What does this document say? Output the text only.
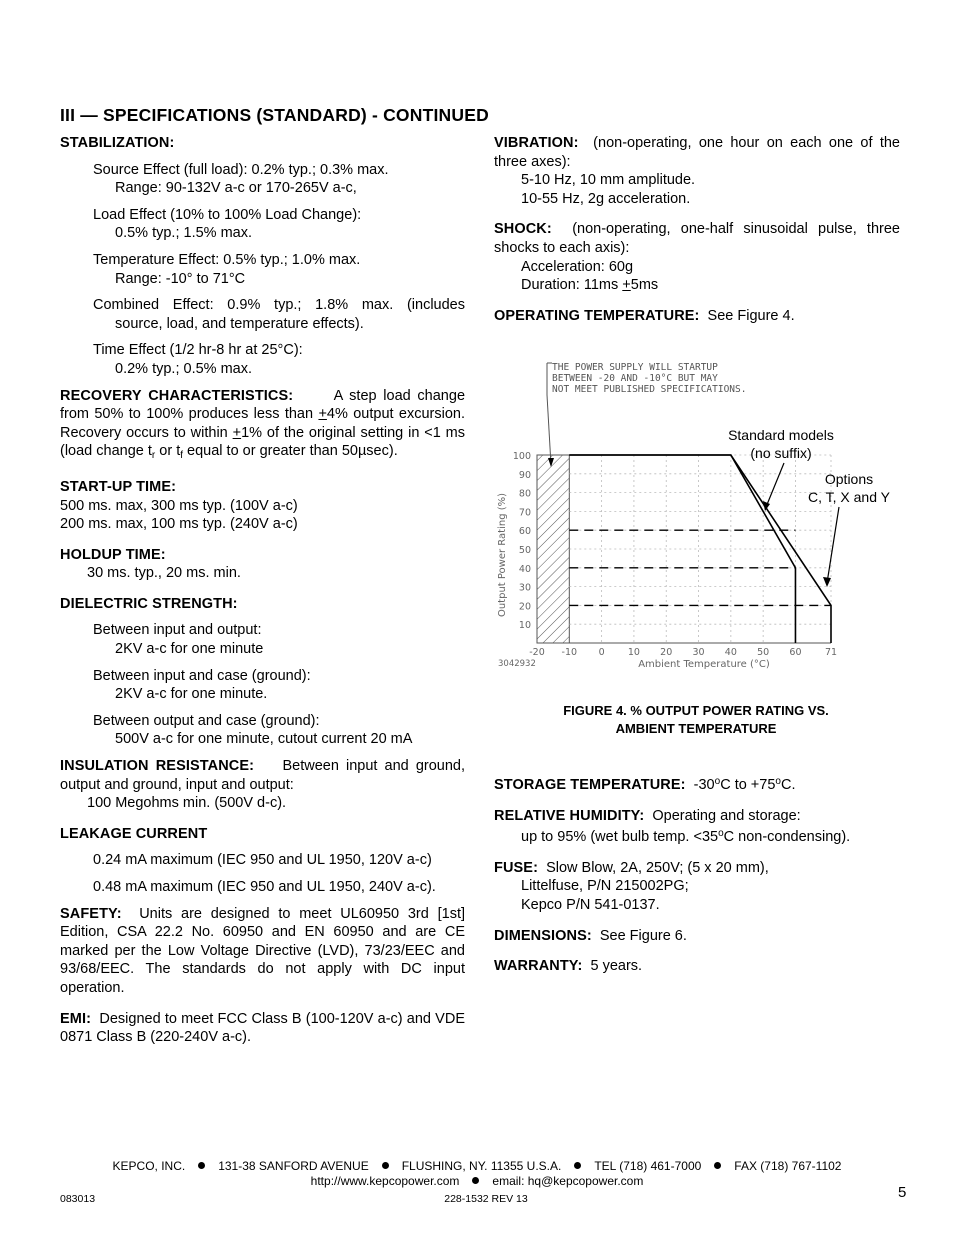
III — SPECIFICATIONS (STANDARD) - CONTINUED
STABILIZATION:
Source Effect (full load): 0.2% typ.; 0.3% max.
Range: 90-132V a-c or 170-265V a-c,
Load Effect (10% to 100% Load Change):
0.5% typ.; 1.5% max.
Temperature Effect: 0.5% typ.; 1.0% max.
Range: -10° to 71°C
Combined Effect: 0.9% typ.; 1.8% max. (includes
source, load, and temperature effects).
Time Effect (1/2 hr-8 hr at 25°C):
0.2% typ.; 0.5% max.
RECOVERY CHARACTERISTICS:	A step load change from 50% to 100% produces less than +4% output excursion. Recovery occurs to within +1% of the original setting in <1 ms (load change $t_r$ or $t_f$ equal to or greater than 50µsec).
START-UP TIME:
500 ms. max, 300 ms typ. (100V a-c)
200 ms. max, 100 ms typ. (240V a-c)
HOLDUP TIME:
30 ms. typ., 20 ms. min.
DIELECTRIC STRENGTH:
Between input and output:
2KV a-c for one minute
Between input and case (ground):
2KV a-c for one minute.
Between output and case (ground):
500V a-c for one minute, cutout current 20 mA
INSULATION RESISTANCE: Between input and ground, output and ground, input and output:
100 Megohms min. (500V d-c).
LEAKAGE CURRENT
0.24 mA maximum (IEC 950 and UL 1950, 120V a-c)
0.48 mA maximum (IEC 950 and UL 1950, 240V a-c).
SAFETY: Units are designed to meet UL60950 3rd [1st] Edition, CSA 22.2 No. 60950 and EN 60950 and are CE marked per the Low Voltage Directive (LVD), 73/23/EEC and 93/68/EEC. The standards do not apply with DC input operation.
EMI: Designed to meet FCC Class B (100-120V a-c) and VDE 0871 Class B (220-240V a-c).
VIBRATION: (non-operating, one hour on each one of the three axes):
5-10 Hz, 10 mm amplitude.
10-55 Hz, 2g acceleration.
SHOCK: (non-operating, one-half sinusoidal pulse, three shocks to each axis):
Acceleration: 60g
Duration: 11ms +5ms
OPERATING TEMPERATURE: See Figure 4.
10
20
30
40
50
60
70
80
90
100
-20 -10 0 10 20 30 40 50 60 71
THE POWER SUPPLY WILL STARTUP
BETWEEN -20 AND -10°C BUT MAY
NOT MEET PUBLISHED SPECIFICATIONS.
Standard models
(no suffix)
Options
C, T, X and Y
Output Power Rating (%)
Ambient Temperature (°C)
3042932
FIGURE 4. % OUTPUT POWER RATING VS.
AMBIENT TEMPERATURE
STORAGE TEMPERATURE: -30$^o$C to $+75^oC$.
RELATIVE HUMIDITY: Operating and storage:
up to 95% (wet bulb temp. $<35^oC$ non-condensing).
FUSE: Slow Blow, 2A, 250V; (5 x 20 mm),
Littelfuse, P/N 215002PG;
Kepco P/N 541-0137.
DIMENSIONS: See Figure 6.
WARRANTY: 5 years.
KEPCO, INC.	131-38 SANFORD AVENUE	FLUSHING, NY. 11355 U.S.A.	TEL (718) 461-7000	FAX (718) 767-1102
http://www.kepcopower.com	email: hq@kepcopower.com
083013	228-1532 REV 13	5
